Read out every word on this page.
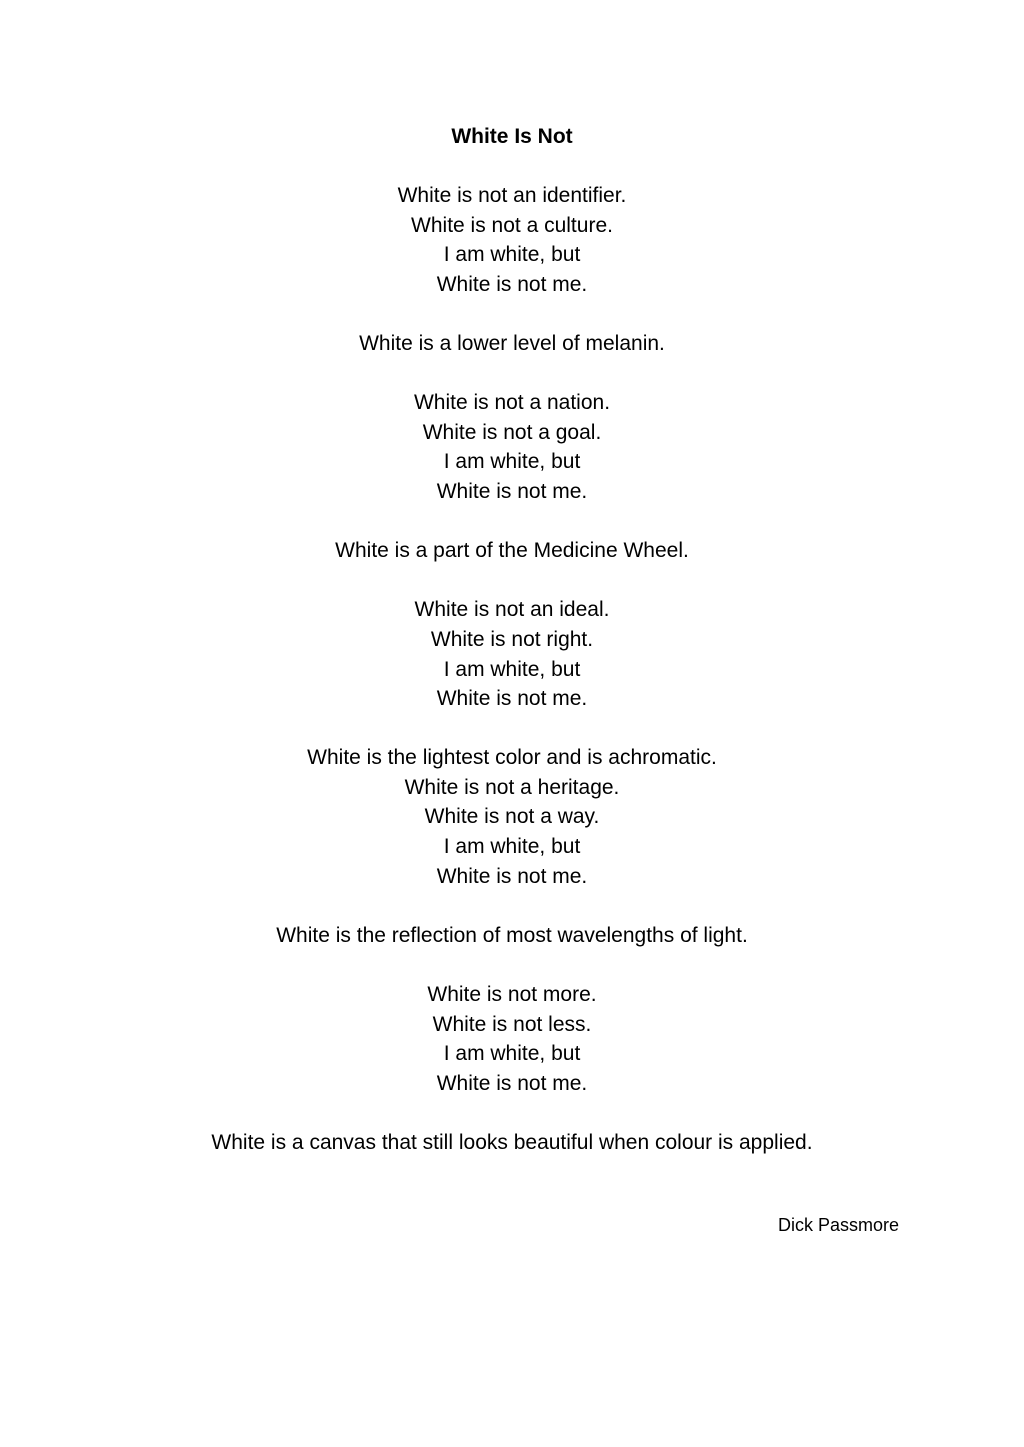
White Is Not
White is not an identifier.
White is not a culture.
I am white, but
White is not me.
White is a lower level of melanin.
White is not a nation.
White is not a goal.
I am white, but
White is not me.
White is a part of the Medicine Wheel.
White is not an ideal.
White is not right.
I am white, but
White is not me.
White is the lightest color and is achromatic.
White is not a heritage.
White is not a way.
I am white, but
White is not me.
White is the reflection of most wavelengths of light.
White is not more.
White is not less.
I am white, but
White is not me.
White is a canvas that still looks beautiful when colour is applied.
Dick Passmore
